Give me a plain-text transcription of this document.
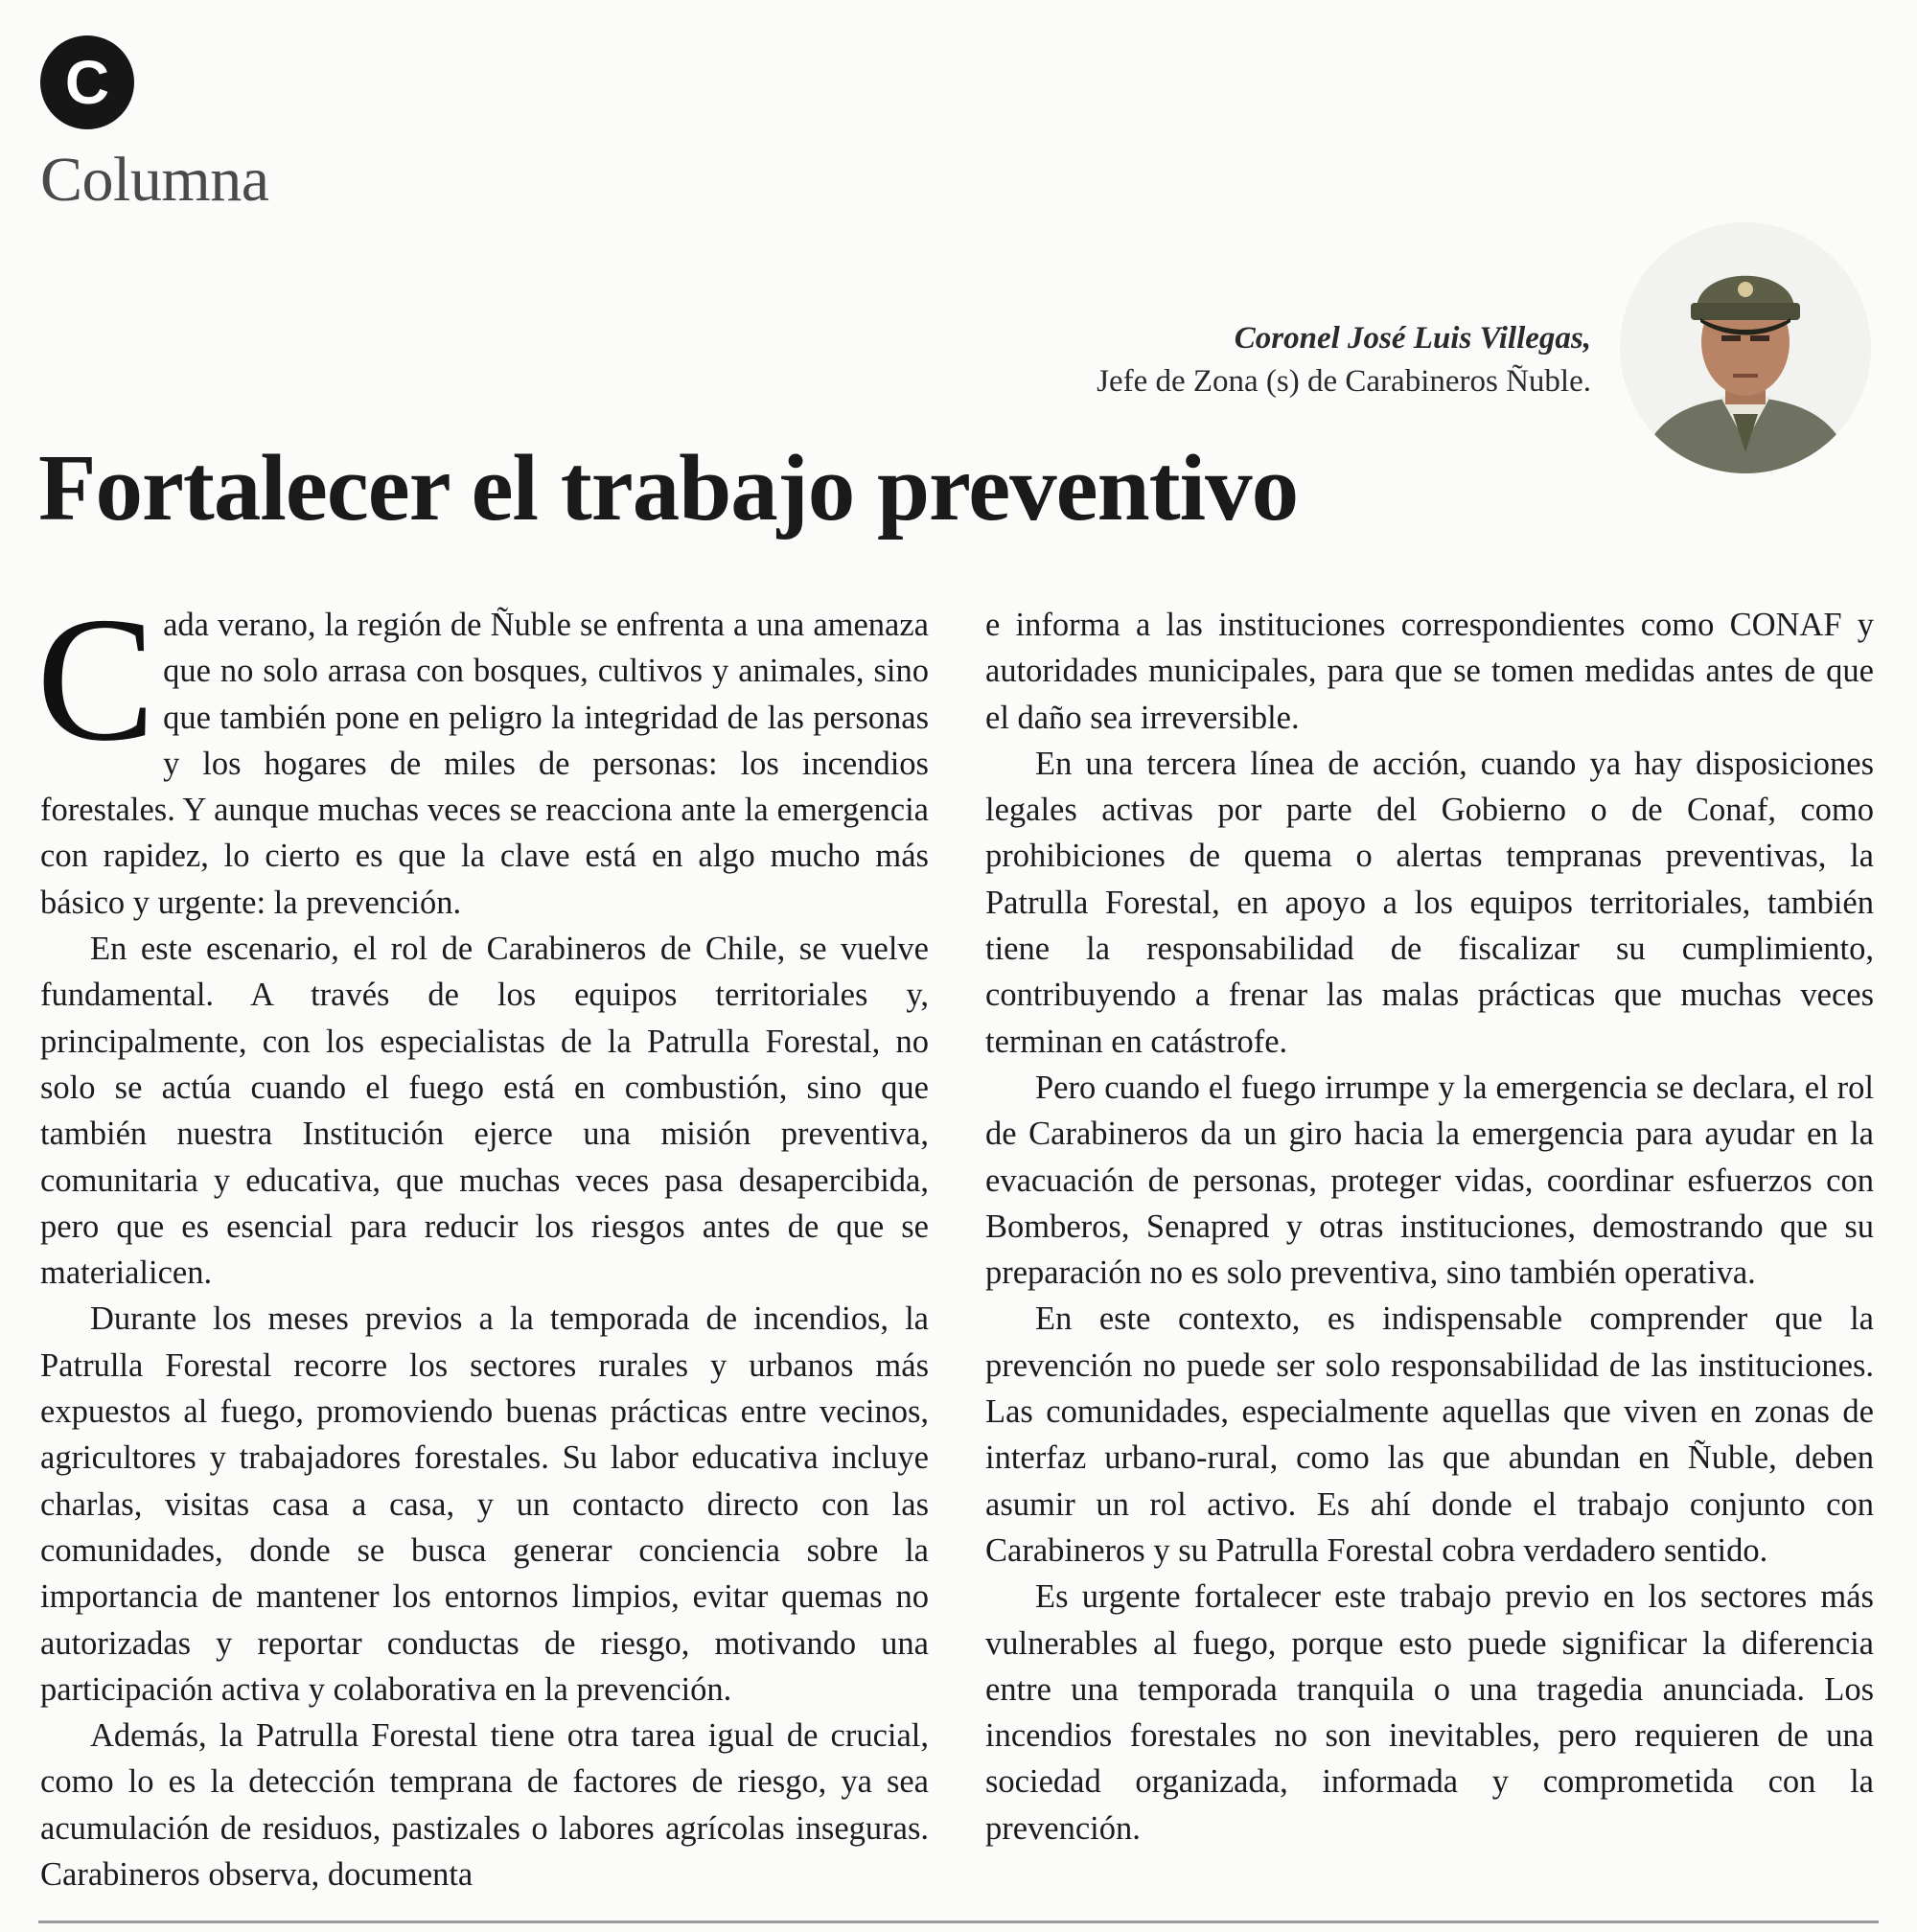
C
Columna
Coronel José Luis Villegas,
Jefe de Zona (s) de Carabineros Ñuble.
Fortalecer el trabajo preventivo

Cada verano, la región de Ñuble se enfrenta a una amenaza que no solo arrasa con bosques, cultivos y animales, sino que también pone en peligro la integridad de las personas y los hogares de miles de personas: los incendios forestales. Y aunque muchas veces se reacciona ante la emergencia con rapidez, lo cierto es que la clave está en algo mucho más básico y urgente: la prevención.

En este escenario, el rol de Carabineros de Chile, se vuelve fundamental. A través de los equipos territoriales y, principalmente, con los especialistas de la Patrulla Forestal, no solo se actúa cuando el fuego está en combustión, sino que también nuestra Institución ejerce una misión preventiva, comunitaria y educativa, que muchas veces pasa desapercibida, pero que es esencial para reducir los riesgos antes de que se materialicen.

Durante los meses previos a la temporada de incendios, la Patrulla Forestal recorre los sectores rurales y urbanos más expuestos al fuego, promoviendo buenas prácticas entre vecinos, agricultores y trabajadores forestales. Su labor educativa incluye charlas, visitas casa a casa, y un contacto directo con las comunidades, donde se busca generar conciencia sobre la importancia de mantener los entornos limpios, evitar quemas no autorizadas y reportar conductas de riesgo, motivando una participación activa y colaborativa en la prevención.

Además, la Patrulla Forestal tiene otra tarea igual de crucial, como lo es la detección temprana de factores de riesgo, ya sea acumulación de residuos, pastizales o labores agrícolas inseguras. Carabineros observa, documenta

e informa a las instituciones correspondientes como CONAF y autoridades municipales, para que se tomen medidas antes de que el daño sea irreversible.

En una tercera línea de acción, cuando ya hay disposiciones legales activas por parte del Gobierno o de Conaf, como prohibiciones de quema o alertas tempranas preventivas, la Patrulla Forestal, en apoyo a los equipos territoriales, también tiene la responsabilidad de fiscalizar su cumplimiento, contribuyendo a frenar las malas prácticas que muchas veces terminan en catástrofe.

Pero cuando el fuego irrumpe y la emergencia se declara, el rol de Carabineros da un giro hacia la emergencia para ayudar en la evacuación de personas, proteger vidas, coordinar esfuerzos con Bomberos, Senapred y otras instituciones, demostrando que su preparación no es solo preventiva, sino también operativa.

En este contexto, es indispensable comprender que la prevención no puede ser solo responsabilidad de las instituciones. Las comunidades, especialmente aquellas que viven en zonas de interfaz urbano-rural, como las que abundan en Ñuble, deben asumir un rol activo. Es ahí donde el trabajo conjunto con Carabineros y su Patrulla Forestal cobra verdadero sentido.

Es urgente fortalecer este trabajo previo en los sectores más vulnerables al fuego, porque esto puede significar la diferencia entre una temporada tranquila o una tragedia anunciada. Los incendios forestales no son inevitables, pero requieren de una sociedad organizada, informada y comprometida con la prevención.
